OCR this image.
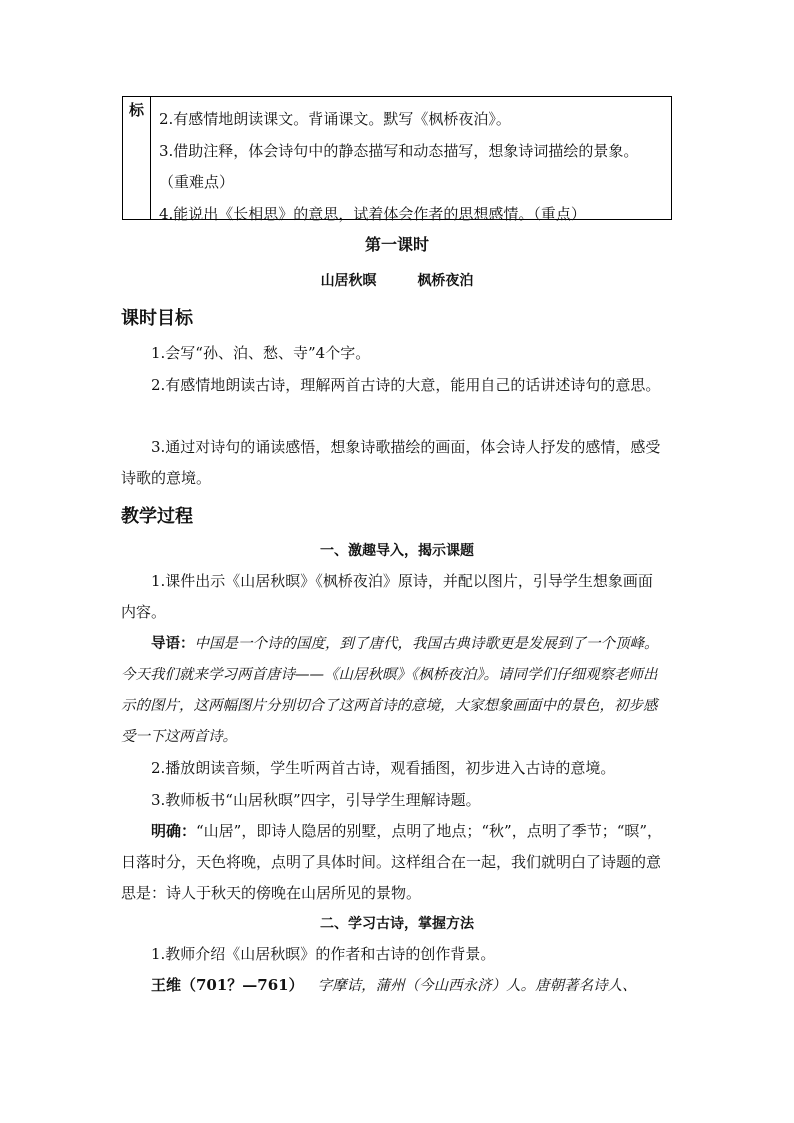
标 2.有感情地朗读课文。背诵课文。默写《枫桥夜泊》。

3.借助注释，体会诗句中的静态描写和动态描写，想象诗词描绘的景象。（重难点）

4.能说出《长相思》的意思，试着体会作者的思想感情。（重点）

第一课时
山居秋暝	枫桥夜泊
课时目标

1.会写“孙、泊、愁、寺”4个字。

2.有感情地朗读古诗，理解两首古诗的大意，能用自己的话讲述诗句的意思。

3.通过对诗句的诵读感悟，想象诗歌描绘的画面，体会诗人抒发的感情，感受诗歌的意境。

教学过程
一、激趣导入，揭示课题

1.课件出示《山居秋暝》《枫桥夜泊》原诗，并配以图片，引导学生想象画面内容。

导语：中国是一个诗的国度，到了唐代，我国古典诗歌更是发展到了一个顶峰。今天我们就来学习两首唐诗——《山居秋暝》《枫桥夜泊》。请同学们仔细观察老师出示的图片，这两幅图片分别切合了这两首诗的意境，大家想象画面中的景色，初步感受一下这两首诗。

2.播放朗读音频，学生听两首古诗，观看插图，初步进入古诗的意境。

3.教师板书“山居秋暝”四字，引导学生理解诗题。

明确：“山居”，即诗人隐居的别墅，点明了地点；“秋”，点明了季节；“暝”，日落时分，天色将晚，点明了具体时间。这样组合在一起，我们就明白了诗题的意思是：诗人于秋天的傍晚在山居所见的景物。

二、学习古诗，掌握方法

1.教师介绍《山居秋暝》的作者和古诗的创作背景。

王维（701？—761） 字摩诘，蒲州（今山西永济）人。唐朝著名诗人、
